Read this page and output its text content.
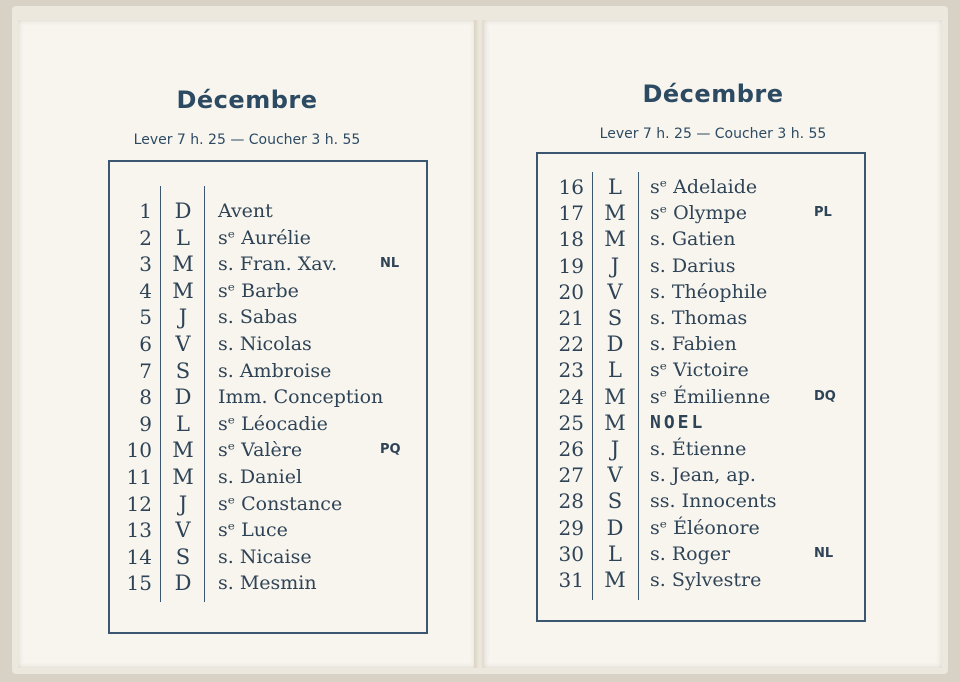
Décembre
Lever 7 h. 25 — Coucher 3 h. 55
1	D	Avent
2	L	sᵉ Aurélie
3 M s. Fran. Xav.	NL
4 M sᵉ Barbe
5	J	s. Sabas
6	V	s. Nicolas
7	S	s. Ambroise
8	D	Imm. Conception
9	L	sᵉ Léocadie
10 M sᵉ Valère	PQ
11 M s. Daniel
12	J	sᵉ Constance
13	V	sᵉ Luce
14	S	s. Nicaise
15	D	s. Mesmin
Décembre
Lever 7 h. 25 — Coucher 3 h. 55
16	L	sᵉ Adelaide
17 M sᵉ Olympe	PL
18 M s. Gatien
19	J	s. Darius
20	V	s. Théophile
21	S	s. Thomas
22	D	s. Fabien
23	L	sᵉ Victoire
24 M sᵉ Émilienne	DQ
25 M NOEL
26	J	s. Étienne
27	V	s. Jean, ap.
28	S	ss. Innocents
29	D	sᵉ Éléonore
30	L	s. Roger	NL
31 M s. Sylvestre
